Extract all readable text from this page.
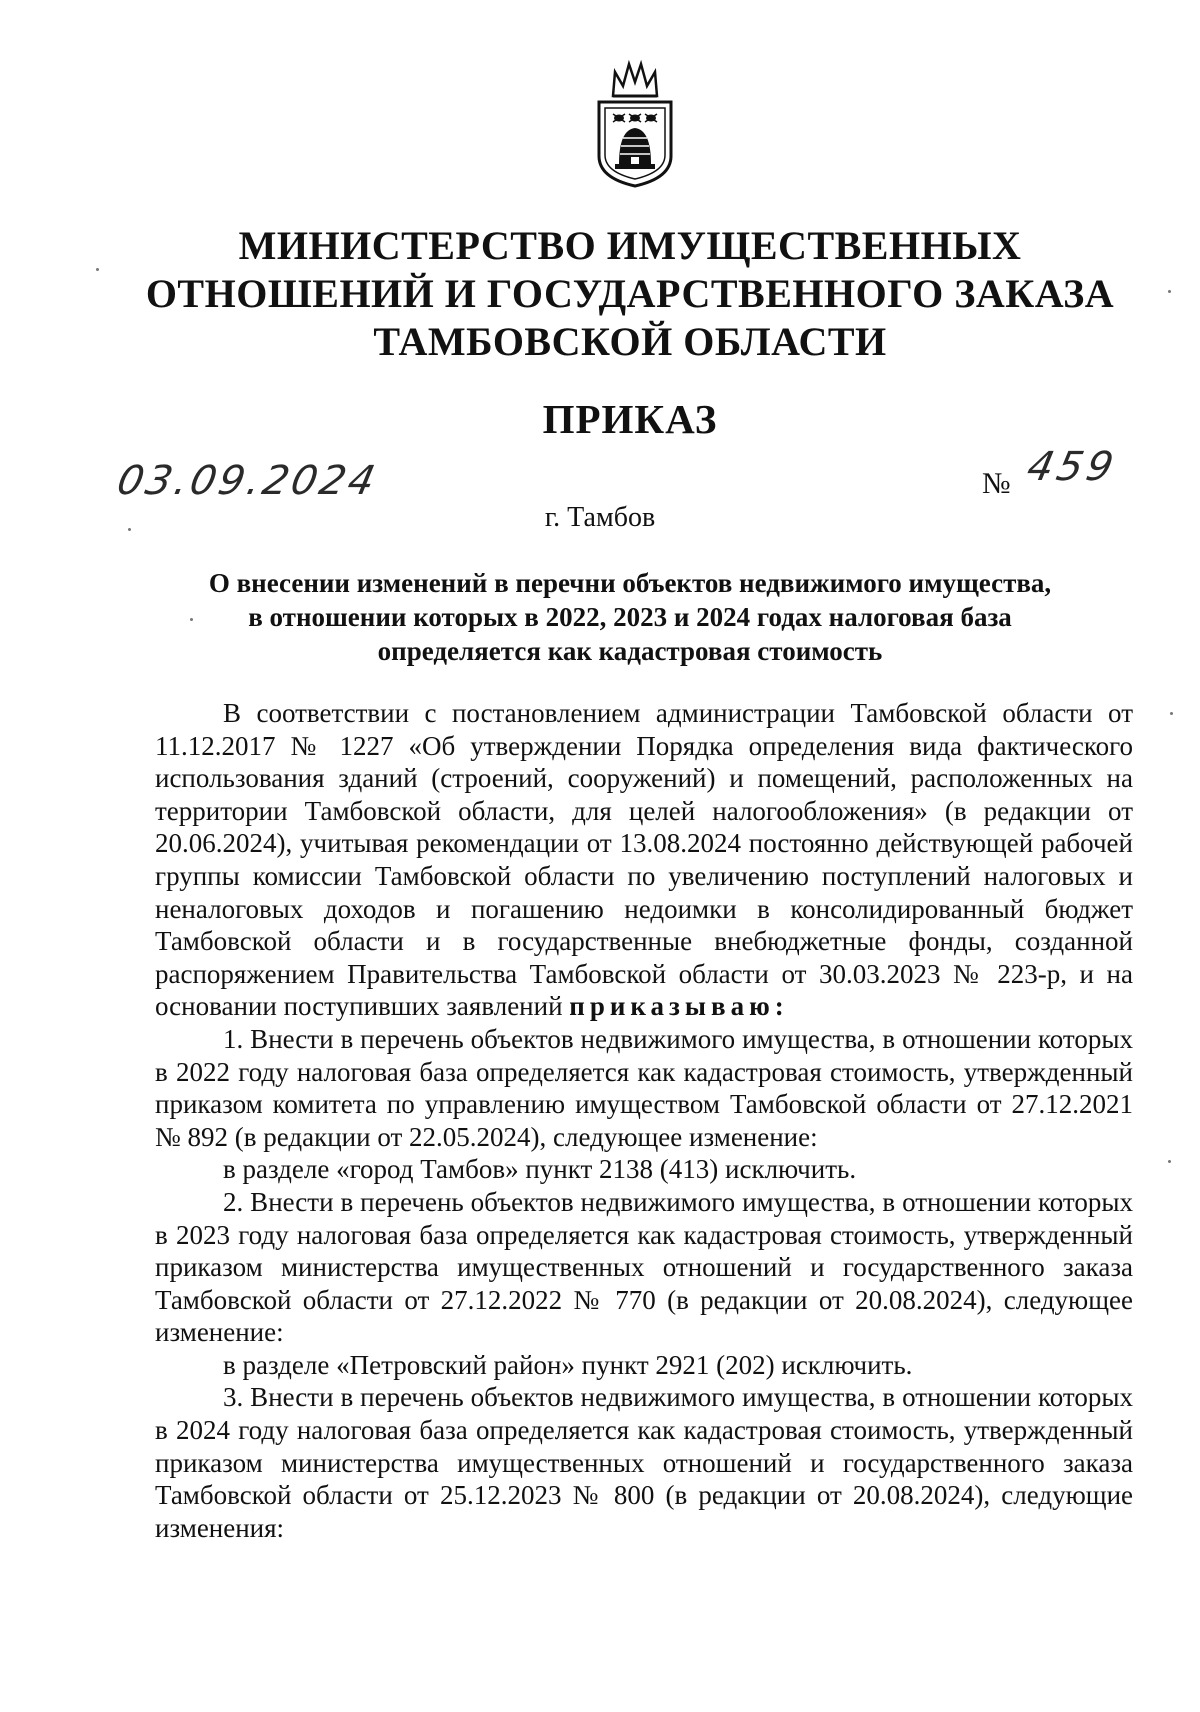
МИНИСТЕРСТВО ИМУЩЕСТВЕННЫХ
ОТНОШЕНИЙ И ГОСУДАРСТВЕННОГО ЗАКАЗА
ТАМБОВСКОЙ ОБЛАСТИ
ПРИКАЗ
03.09.2024	№ 459
г. Тамбов
О внесении изменений в перечни объектов недвижимого имущества,
в отношении которых в 2022, 2023 и 2024 годах налоговая база
определяется как кадастровая стоимость

В соответствии с постановлением администрации Тамбовской области от 11.12.2017 № 1227 «Об утверждении Порядка определения вида фактического использования зданий (строений, сооружений) и помещений, расположенных на территории Тамбовской области, для целей налогообложения» (в редакции от 20.06.2024), учитывая рекомендации от 13.08.2024 постоянно действующей рабочей группы комиссии Тамбовской области по увеличению поступлений налоговых и неналоговых доходов и погашению недоимки в консолидированный бюджет Тамбовской области и в государственные внебюджетные фонды, созданной распоряжением Правительства Тамбовской области от 30.03.2023 № 223-р, и на основании поступивших заявлений приказываю:

1. Внести в перечень объектов недвижимого имущества, в отношении которых в 2022 году налоговая база определяется как кадастровая стоимость, утвержденный приказом комитета по управлению имуществом Тамбовской области от 27.12.2021 № 892 (в редакции от 22.05.2024), следующее изменение:

в разделе «город Тамбов» пункт 2138 (413) исключить.

2. Внести в перечень объектов недвижимого имущества, в отношении которых в 2023 году налоговая база определяется как кадастровая стоимость, утвержденный приказом министерства имущественных отношений и государственного заказа Тамбовской области от 27.12.2022 № 770 (в редакции от 20.08.2024), следующее изменение:

в разделе «Петровский район» пункт 2921 (202) исключить.

3. Внести в перечень объектов недвижимого имущества, в отношении которых в 2024 году налоговая база определяется как кадастровая стоимость, утвержденный приказом министерства имущественных отношений и государственного заказа Тамбовской области от 25.12.2023 № 800 (в редакции от 20.08.2024), следующие изменения:
